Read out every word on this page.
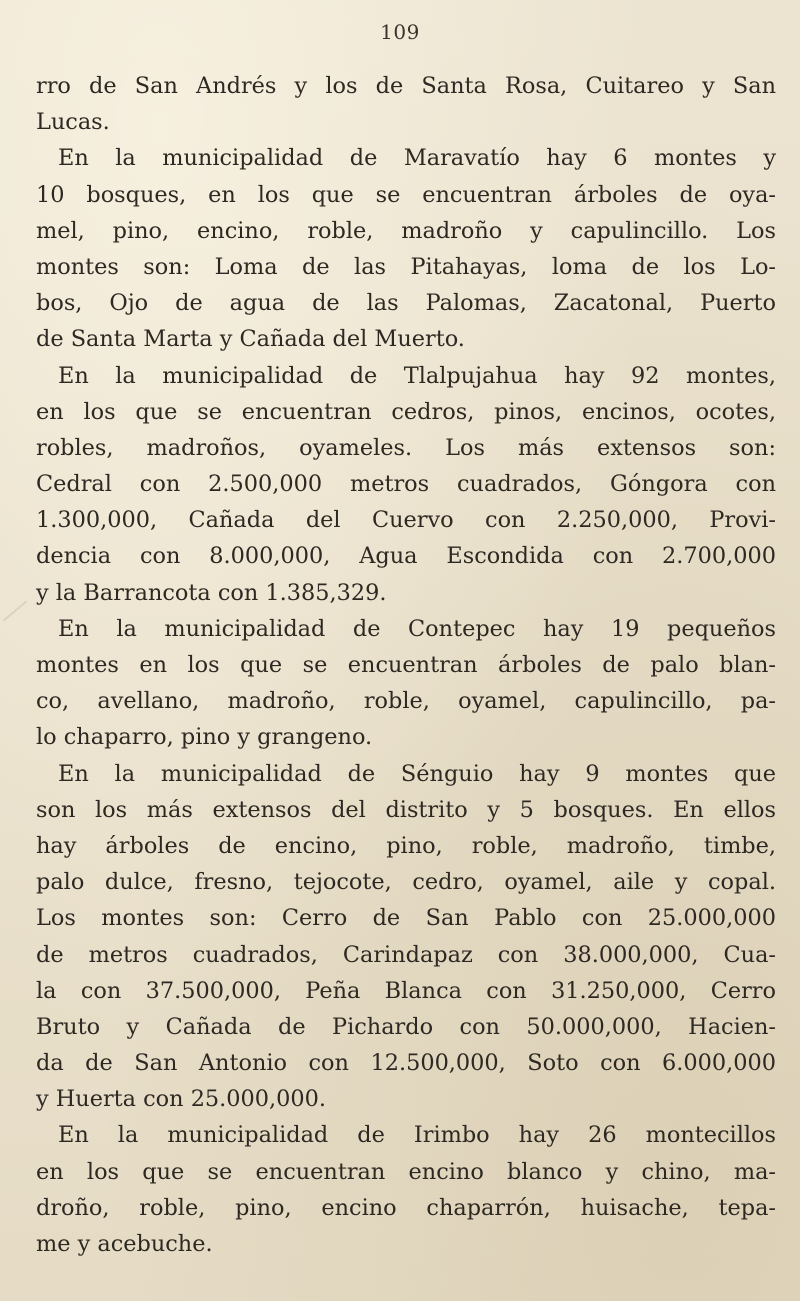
109
rro de San Andrés y los de Santa Rosa, Cuitareo y San
Lucas.
En la municipalidad de Maravatío hay 6 montes y
10 bosques, en los que se encuentran árboles de oya-
mel, pino, encino, roble, madroño y capulincillo. Los
montes son: Loma de las Pitahayas, loma de los Lo-
bos, Ojo de agua de las Palomas, Zacatonal, Puerto
de Santa Marta y Cañada del Muerto.
En la municipalidad de Tlalpujahua hay 92 montes,
en los que se encuentran cedros, pinos, encinos, ocotes,
robles, madroños, oyameles. Los más extensos son:
Cedral con 2.500,000 metros cuadrados, Góngora con
1.300,000, Cañada del Cuervo con 2.250,000, Provi-
dencia con 8.000,000, Agua Escondida con 2.700,000
y la Barrancota con 1.385,329.
En la municipalidad de Contepec hay 19 pequeños
montes en los que se encuentran árboles de palo blan-
co, avellano, madroño, roble, oyamel, capulincillo, pa-
lo chaparro, pino y grangeno.
En la municipalidad de Sénguio hay 9 montes que
son los más extensos del distrito y 5 bosques. En ellos
hay árboles de encino, pino, roble, madroño, timbe,
palo dulce, fresno, tejocote, cedro, oyamel, aile y copal.
Los montes son: Cerro de San Pablo con 25.000,000
de metros cuadrados, Carindapaz con 38.000,000, Cua-
la con 37.500,000, Peña Blanca con 31.250,000, Cerro
Bruto y Cañada de Pichardo con 50.000,000, Hacien-
da de San Antonio con 12.500,000, Soto con 6.000,000
y Huerta con 25.000,000.
En la municipalidad de Irimbo hay 26 montecillos
en los que se encuentran encino blanco y chino, ma-
droño, roble, pino, encino chaparrón, huisache, tepa-
me y acebuche.
